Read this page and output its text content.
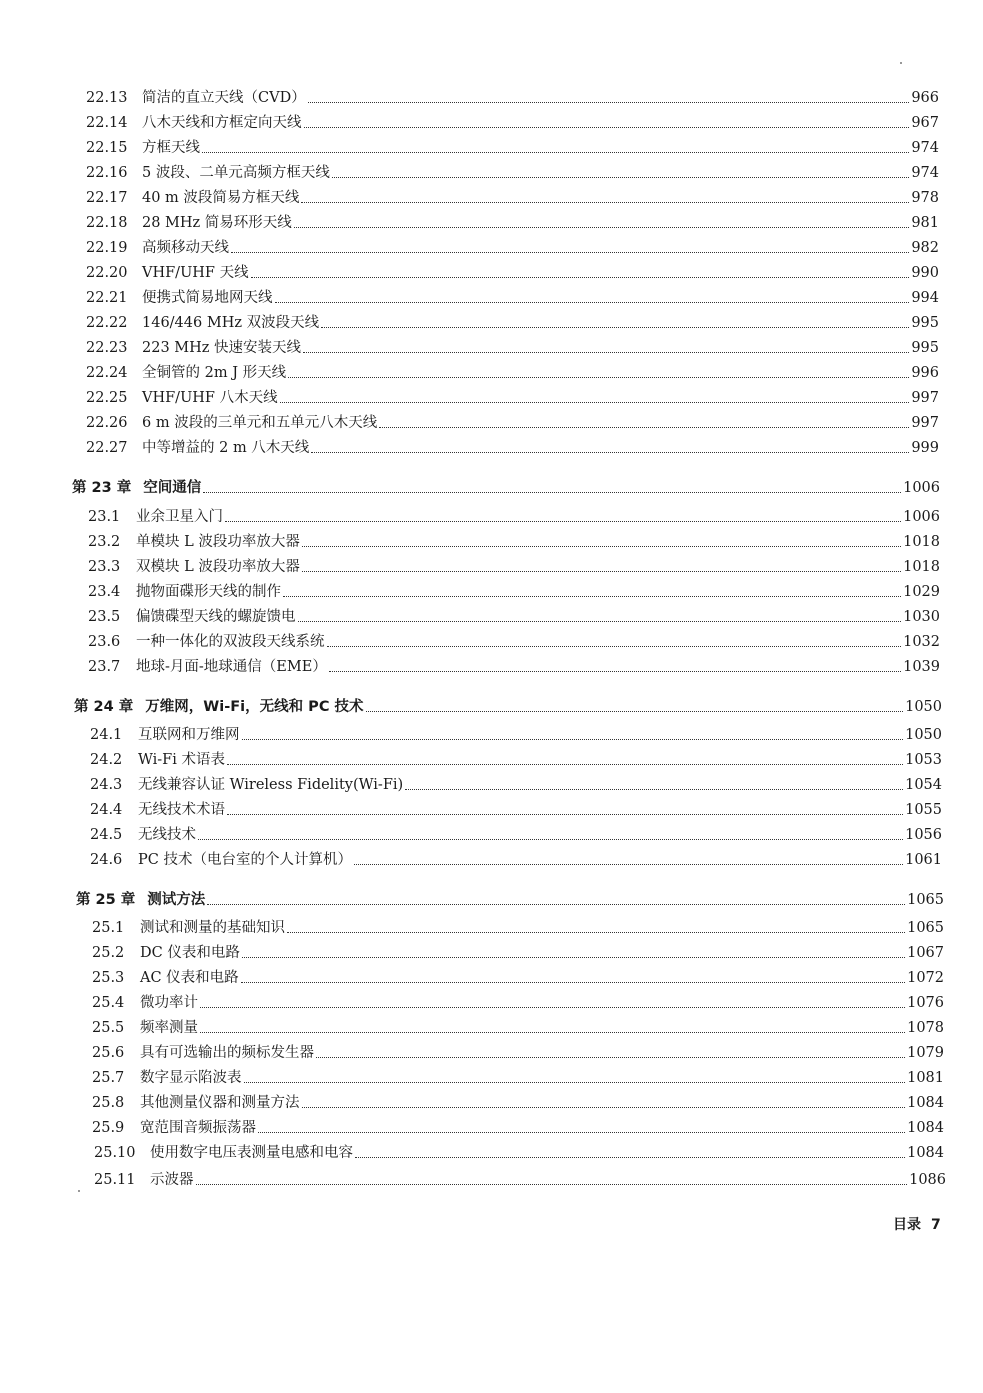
22.13 简洁的直立天线（CVD）	966
22.14 八木天线和方框定向天线	967
22.15 方框天线	974
22.16 5 波段、二单元高频方框天线	974
22.17 40 m 波段简易方框天线	978
22.18 28 MHz 简易环形天线	981
22.19 高频移动天线	982
22.20 VHF/UHF 天线	990
22.21 便携式简易地网天线	994
22.22 146/446 MHz 双波段天线	995
22.23 223 MHz 快速安装天线	995
22.24 全铜管的 2m J 形天线	996
22.25 VHF/UHF 八木天线	997
22.26 6 m 波段的三单元和五单元八木天线	997
22.27 中等增益的 2 m 八木天线	999
第 23 章 空间通信	1006
23.1	业余卫星入门	1006
23.2	单模块 L 波段功率放大器	1018
23.3	双模块 L 波段功率放大器	1018
23.4	抛物面碟形天线的制作	1029
23.5	偏馈碟型天线的螺旋馈电	1030
23.6	一种一体化的双波段天线系统	1032
23.7	地球-月面-地球通信（EME）	1039
第 24 章 万维网，Wi-Fi，无线和 PC 技术	1050
24.1	互联网和万维网	1050
24.2	Wi-Fi 术语表	1053
24.3	无线兼容认证 Wireless Fidelity(Wi-Fi)	1054
24.4	无线技术术语	1055
24.5	无线技术	1056
24.6	PC 技术（电台室的个人计算机）	1061
第 25 章 测试方法	1065
25.1	测试和测量的基础知识	1065
25.2	DC 仪表和电路	1067
25.3	AC 仪表和电路	1072
25.4	微功率计	1076
25.5	频率测量	1078
25.6	具有可选输出的频标发生器	1079
25.7	数字显示陷波表	1081
25.8	其他测量仪器和测量方法	1084
25.9	宽范围音频振荡器	1084
25.10 使用数字电压表测量电感和电容	1084
25.11 示波器	1086
目录 7
